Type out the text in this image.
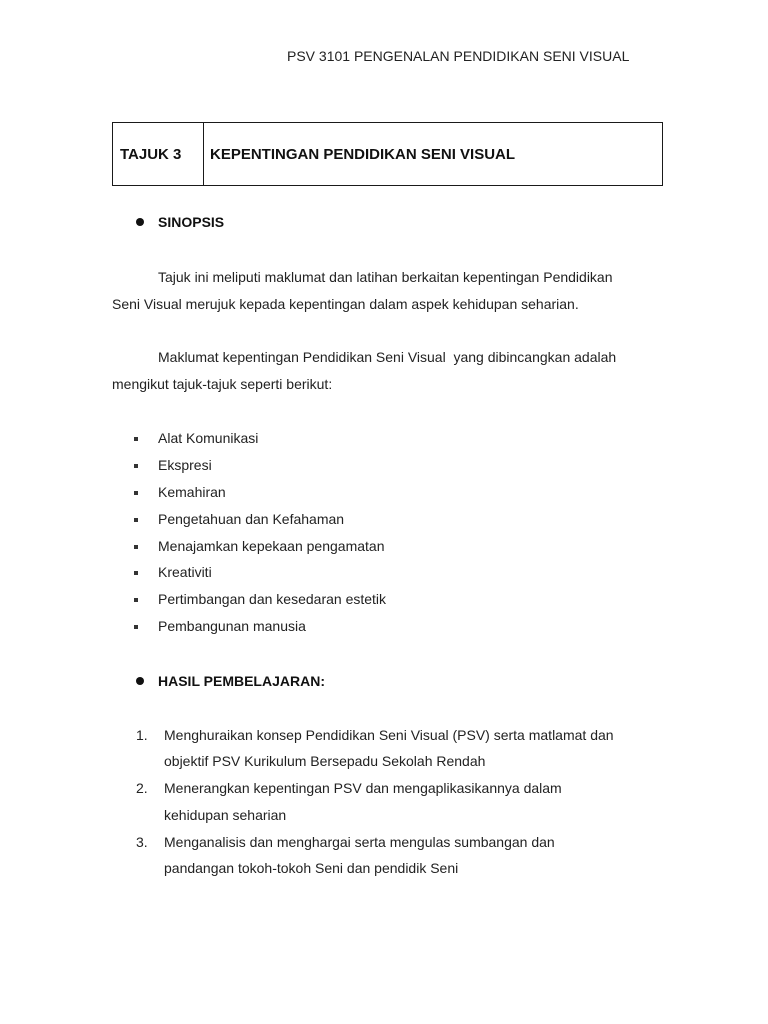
PSV 3101 PENGENALAN PENDIDIKAN SENI VISUAL
TAJUK 3	KEPENTINGAN PENDIDIKAN SENI VISUAL
SINOPSIS
Tajuk ini meliputi maklumat dan latihan berkaitan kepentingan Pendidikan
Seni Visual merujuk kepada kepentingan dalam aspek kehidupan seharian.
Maklumat kepentingan Pendidikan Seni Visual  yang dibincangkan adalah
mengikut tajuk-tajuk seperti berikut:
Alat Komunikasi
Ekspresi
Kemahiran
Pengetahuan dan Kefahaman
Menajamkan kepekaan pengamatan
Kreativiti
Pertimbangan dan kesedaran estetik
Pembangunan manusia
HASIL PEMBELAJARAN:
1. Menghuraikan konsep Pendidikan Seni Visual (PSV) serta matlamat dan
objektif PSV Kurikulum Bersepadu Sekolah Rendah
2. Menerangkan kepentingan PSV dan mengaplikasikannya dalam
kehidupan seharian
3. Menganalisis dan menghargai serta mengulas sumbangan dan
pandangan tokoh-tokoh Seni dan pendidik Seni
